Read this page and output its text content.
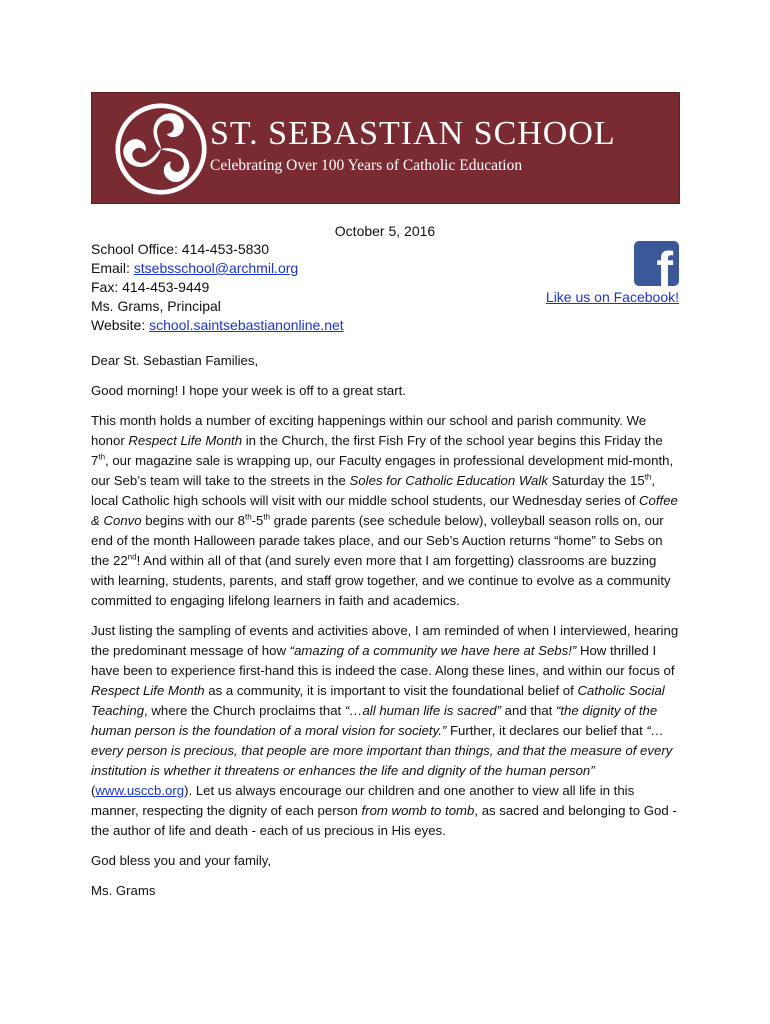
ST. SEBASTIAN SCHOOL
Celebrating Over 100 Years of Catholic Education
October 5, 2016
School Office: 414-453-5830
Email: stsebsschool@archmil.org
Fax: 414-453-9449
Ms. Grams, Principal
Website: school.saintsebastianonline.net
f
Like us on Facebook!

Dear St. Sebastian Families,

Good morning! I hope your week is off to a great start.

This month holds a number of exciting happenings within our school and parish community. We honor Respect Life Month in the Church, the first Fish Fry of the school year begins this Friday the 7th, our magazine sale is wrapping up, our Faculty engages in professional development mid-month, our Seb’s team will take to the streets in the Soles for Catholic Education Walk Saturday the 15th, local Catholic high schools will visit with our middle school students, our Wednesday series of Coffee & Convo begins with our 8th-5th grade parents (see schedule below), volleyball season rolls on, our end of the month Halloween parade takes place, and our Seb’s Auction returns “home” to Sebs on the 22nd! And within all of that (and surely even more that I am forgetting) classrooms are buzzing with learning, students, parents, and staff grow together, and we continue to evolve as a community committed to engaging lifelong learners in faith and academics.

Just listing the sampling of events and activities above, I am reminded of when I interviewed, hearing the predominant message of how “amazing of a community we have here at Sebs!” How thrilled I have been to experience first-hand this is indeed the case. Along these lines, and within our focus of Respect Life Month as a community, it is important to visit the foundational belief of Catholic Social Teaching, where the Church proclaims that “…all human life is sacred” and that “the dignity of the human person is the foundation of a moral vision for society.” Further, it declares our belief that “…every person is precious, that people are more important than things, and that the measure of every institution is whether it threatens or enhances the life and dignity of the human person” (www.usccb.org). Let us always encourage our children and one another to view all life in this manner, respecting the dignity of each person from womb to tomb, as sacred and belonging to God - the author of life and death - each of us precious in His eyes.

God bless you and your family,

Ms. Grams
